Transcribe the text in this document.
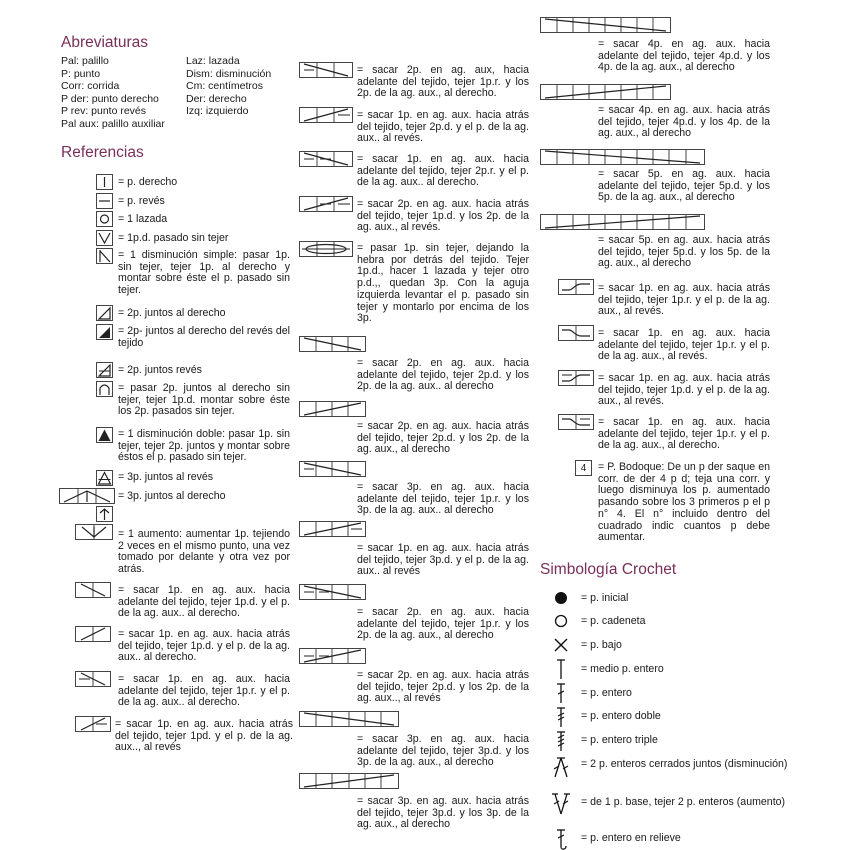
Abreviaturas
Pal: palillo
P: punto
Corr: corrida
P der: punto derecho
P rev: punto revés
Pal aux: palillo auxiliar
Laz: lazada
Dism: disminución
Cm: centímetros
Der: derecho
Izq: izquierdo
Referencias
= p. derecho
= p. revés
= 1 lazada
= 1p.d. pasado sin tejer
= 1 disminución simple: pasar 1p. sin tejer, tejer 1p. al derecho y montar sobre éste el p. pasado sin tejer.
= 2p. juntos al derecho
= 2p- juntos al derecho del revés del tejido
= 2p. juntos revés
= pasar 2p. juntos al derecho sin tejer, tejer 1p.d. montar sobre éste los 2p. pasados sin tejer.
= 1 disminución doble: pasar 1p. sin tejer, tejer 2p. juntos y montar sobre éstos el p. pasado sin tejer.
= 3p. juntos al revés
= 3p. juntos al derecho
= 1 aumento: aumentar 1p. tejiendo 2 veces en el mismo punto, una vez tomado por delante y otra vez por atrás.
= sacar 1p. en ag. aux. hacia adelante del tejido, tejer 1p.d. y el p. de la ag. aux.. al derecho.
= sacar 1p. en ag. aux. hacia atrás del tejido, tejer 1p.d. y el p. de la ag. aux.. al derecho.
= sacar 1p. en ag. aux. hacia adelante del tejido, tejer 1p.r. y el p. de la ag. aux.. al derecho.
= sacar 1p. en ag. aux. hacia atrás del tejido, tejer 1pd. y el p. de la ag. aux.., al revés
= sacar 2p. en ag. aux, hacia adelante del tejido, tejer 1p.r. y los 2p. de la ag. aux., al derecho.
= sacar 1p. en ag. aux. hacia atrás del tejido, tejer 2p.d. y el p. de la ag. aux.. al revés.
= sacar 1p. en ag. aux. hacia adelante del tejido, tejer 2p.r. y el p. de la ag. aux.. al derecho.
= sacar 2p. en ag. aux. hacia atrás del tejido, tejer 1p.d. y los 2p. de la ag. aux., al revés.
= pasar 1p. sin tejer, dejando la hebra por detrás del tejido. Tejer 1p.d., hacer 1 lazada y tejer otro p.d.,, quedan 3p. Con la aguja izquierda levantar el p. pasado sin tejer y montarlo por encima de los 3p.
= sacar 2p. en ag. aux. hacia adelante del tejido, tejer 2p.d. y los 2p. de la ag. aux.. al derecho
= sacar 2p. en ag. aux. hacia atrás del tejido, tejer 2p.d. y los 2p. de la ag. aux., al derecho
= sacar 3p. en ag. aux. hacia adelante del tejido, tejer 1p.r. y los 3p. de la ag. aux.. al derecho
= sacar 1p. en ag. aux. hacia atrás del tejido, tejer 3p.d. y el p. de la ag. aux.. al revés
= sacar 2p. en ag. aux. hacia adelante del tejido, tejer 1p.r. y los 2p. de la ag. aux., al derecho
= sacar 2p. en ag. aux. hacia atrás del tejido, tejer 2p.d. y los 2p. de la ag. aux.., al revés
= sacar 3p. en ag. aux. hacia adelante del tejido, tejer 3p.d. y los 3p. de la ag. aux., al derecho
= sacar 3p. en ag. aux. hacia atrás del tejido, tejer 3p.d. y los 3p. de la ag. aux., al derecho
= sacar 4p. en ag. aux. hacia adelante del tejido, tejer 4p.d. y los 4p. de la ag. aux., al derecho
= sacar 4p. en ag. aux. hacia atrás del tejido, tejer 4p.d. y los 4p. de la ag. aux., al derecho
= sacar 5p. en ag. aux. hacia adelante del tejido, tejer 5p.d. y los 5p. de la ag. aux., al derecho
= sacar 5p. en ag. aux. hacia atrás del tejido, tejer 5p.d. y los 5p. de la ag. aux., al derecho
= sacar 1p. en ag. aux. hacia atrás del tejido, tejer 1p.r. y el p. de la ag. aux., al revés.
= sacar 1p. en ag. aux. hacia adelante del tejido, tejer 1p.r. y el p. de la ag. aux., al revés.
= sacar 1p. en ag. aux. hacia atrás del tejido, tejer 1p.d. y el p. de la ag. aux., al revés.
= sacar 1p. en ag. aux. hacia adelante del tejido, tejer 1p.r. y el p. de la ag. aux., al derecho.
4	= P. Bodoque: De un p der saque en corr. de der 4 p d; teja una corr. y luego disminuya los p. aumentado pasando sobre los 3 primeros p el p n° 4. El n° incluido dentro del cuadrado indic cuantos p debe aumentar.
Simbología Crochet
= p. inicial
= p. cadeneta
= p. bajo
= medio p. entero
= p. entero
= p. entero doble
= p. entero triple
= 2 p. enteros cerrados juntos (disminución)
= de 1 p. base, tejer 2 p. enteros (aumento)
= p. entero en relieve
